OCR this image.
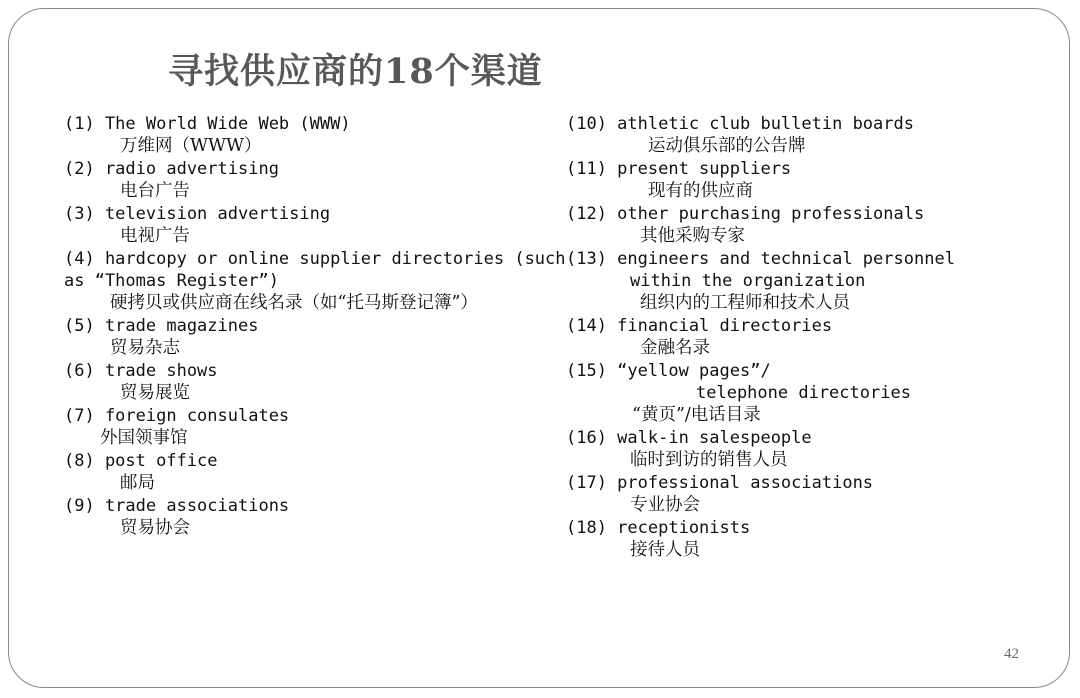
寻找供应商的18个渠道
(1) The World Wide Web (WWW)
万维网（WWW）
(2) radio advertising
电台广告
(3) television advertising
电视广告
(4) hardcopy or online supplier directories (such
as “Thomas Register”)
硬拷贝或供应商在线名录（如“托马斯登记簿”）
(5) trade magazines
贸易杂志
(6) trade shows
贸易展览
(7) foreign consulates
外国领事馆
(8) post office
邮局
(9) trade associations
贸易协会
(10) athletic club bulletin boards
运动俱乐部的公告牌
(11) present suppliers
现有的供应商
(12) other purchasing professionals
其他采购专家
(13) engineers and technical personnel
within the organization
组织内的工程师和技术人员
(14) financial directories
金融名录
(15) “yellow pages”/
telephone directories
“黄页”/电话目录
(16) walk-in salespeople
临时到访的销售人员
(17) professional associations
专业协会
(18) receptionists
接待人员
42
